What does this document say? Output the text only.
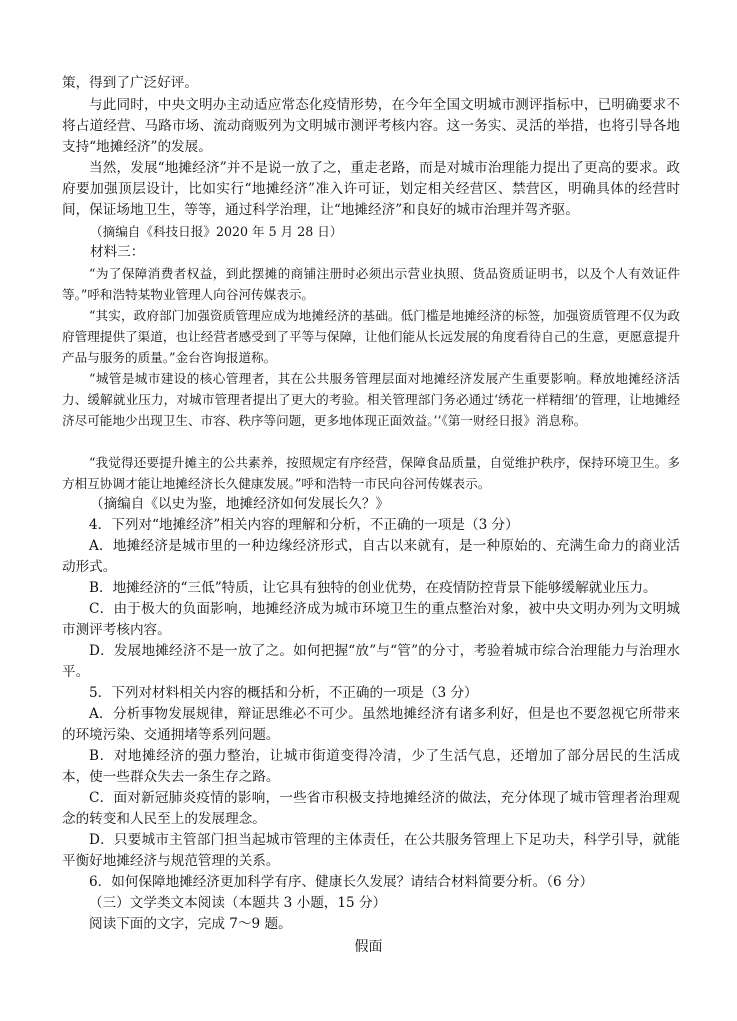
策，得到了广泛好评。

与此同时，中央文明办主动适应常态化疫情形势，在今年全国文明城市测评指标中，已明确要求不将占道经营、马路市场、流动商贩列为文明城市测评考核内容。这一务实、灵活的举措，也将引导各地支持“地摊经济”的发展。

当然，发展“地摊经济”并不是说一放了之，重走老路，而是对城市治理能力提出了更高的要求。政府要加强顶层设计，比如实行“地摊经济”准入许可证，划定相关经营区、禁营区，明确具体的经营时间，保证场地卫生，等等，通过科学治理，让“地摊经济”和良好的城市治理并驾齐驱。

（摘编自《科技日报》2020 年 5 月 28 日）

材料三：

“为了保障消费者权益，到此摆摊的商铺注册时必须出示营业执照、货品资质证明书，以及个人有效证件等。”呼和浩特某物业管理人向谷河传媒表示。

“其实，政府部门加强资质管理应成为地摊经济的基础。低门槛是地摊经济的标签，加强资质管理不仅为政府管理提供了渠道，也让经营者感受到了平等与保障，让他们能从长远发展的角度看待自己的生意，更愿意提升产品与服务的质量。”金台咨询报道称。

“城管是城市建设的核心管理者，其在公共服务管理层面对地摊经济发展产生重要影响。释放地摊经济活力、缓解就业压力，对城市管理者提出了更大的考验。相关管理部门务必通过‘绣花一样精细’的管理，让地摊经济尽可能地少出现卫生、市容、秩序等问题，更多地体现正面效益。’’《第一财经日报》消息称。

“我觉得还要提升摊主的公共素养，按照规定有序经营，保障食品质量，自觉维护秩序，保持环境卫生。多方相互协调才能让地摊经济长久健康发展。”呼和浩特一市民向谷河传媒表示。

（摘编自《以史为鉴，地摊经济如何发展长久？》

4．下列对“地摊经济”相关内容的理解和分析，不正确的一项是（3 分）

A．地摊经济是城市里的一种边缘经济形式，自古以来就有，是一种原始的、充满生命力的商业活动形式。

B．地摊经济的“三低”特质，让它具有独特的创业优势，在疫情防控背景下能够缓解就业压力。

C．由于极大的负面影响，地摊经济成为城市环境卫生的重点整治对象，被中央文明办列为文明城市测评考核内容。

D．发展地摊经济不是一放了之。如何把握“放”与“管”的分寸，考验着城市综合治理能力与治理水平。

5．下列对材料相关内容的概括和分析，不正确的一项是（3 分）

A．分析事物发展规律，辩证思维必不可少。虽然地摊经济有诸多利好，但是也不要忽视它所带来的环境污染、交通拥堵等系列问题。

B．对地摊经济的强力整治，让城市街道变得冷清，少了生活气息，还增加了部分居民的生活成本，使一些群众失去一条生存之路。

C．面对新冠肺炎疫情的影响，一些省市积极支持地摊经济的做法，充分体现了城市管理者治理观念的转变和人民至上的发展理念。

D．只要城市主管部门担当起城市管理的主体责任，在公共服务管理上下足功夫，科学引导，就能平衡好地摊经济与规范管理的关系。

6．如何保障地摊经济更加科学有序、健康长久发展？请结合材料简要分析。（6 分）

（三）文学类文本阅读（本题共 3 小题，15 分）

阅读下面的文字，完成 7～9 题。

假面
